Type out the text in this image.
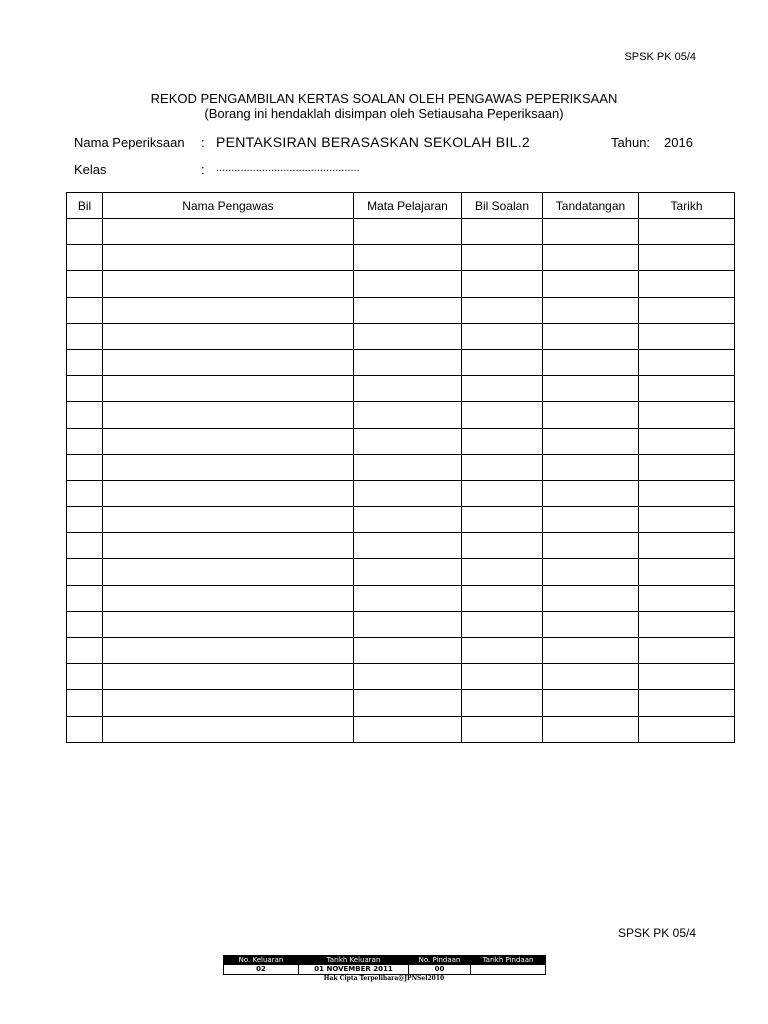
SPSK PK 05/4
REKOD PENGAMBILAN KERTAS SOALAN OLEH PENGAWAS PEPERIKSAAN
(Borang ini hendaklah disimpan oleh Setiausaha Peperiksaan)
Nama Peperiksaan : PENTAKSIRAN BERASASKAN SEKOLAH BIL.2	Tahun: 2016
Kelas	: ...............................................
Bil	Nama Pengawas	Mata Pelajaran	Bil Soalan	Tandatangan	Tarikh

SPSK PK 05/4
No. Keluaran	Tarikh Keluaran	No. Pindaan	Tarikh Pindaan
02	01 NOVEMBER 2011	00	
Hak Cipta Terpelihara@JPNSel2010
